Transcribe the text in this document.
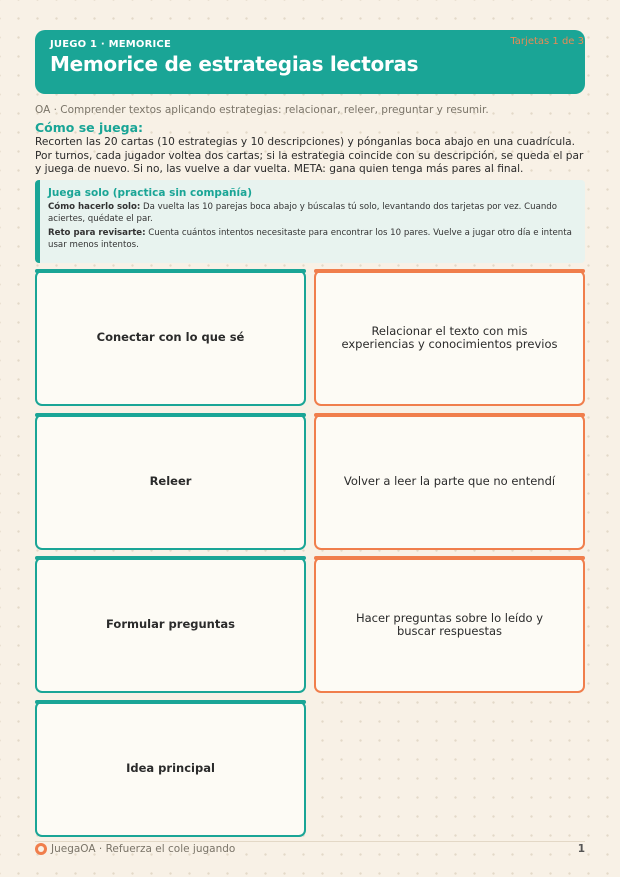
JUEGO 1 · MEMORICE
Memorice de estrategias lectoras
Tarjetas 1 de 3
OA · Comprender textos aplicando estrategias: relacionar, releer, preguntar y resumir.
Cómo se juega:
Recorten las 20 cartas (10 estrategias y 10 descripciones) y pónganlas boca abajo en una cuadrícula. Por turnos, cada jugador voltea dos cartas; si la estrategia coincide con su descripción, se queda el par y juega de nuevo. Si no, las vuelve a dar vuelta. META: gana quien tenga más pares al final.
Juega solo (practica sin compañía)

Cómo hacerlo solo: Da vuelta las 10 parejas boca abajo y búscalas tú solo, levantando dos tarjetas por vez. Cuando aciertes, quédate el par.

Reto para revisarte: Cuenta cuántos intentos necesitaste para encontrar los 10 pares. Vuelve a jugar otro día e intenta usar menos intentos.

Conectar con lo que sé	Relacionar el texto con mis experiencias y conocimientos previos
Releer	Volver a leer la parte que no entendí
Formular preguntas	Hacer preguntas sobre lo leído y buscar respuestas
Idea principal
JuegaOA · Refuerza el cole jugando	1
